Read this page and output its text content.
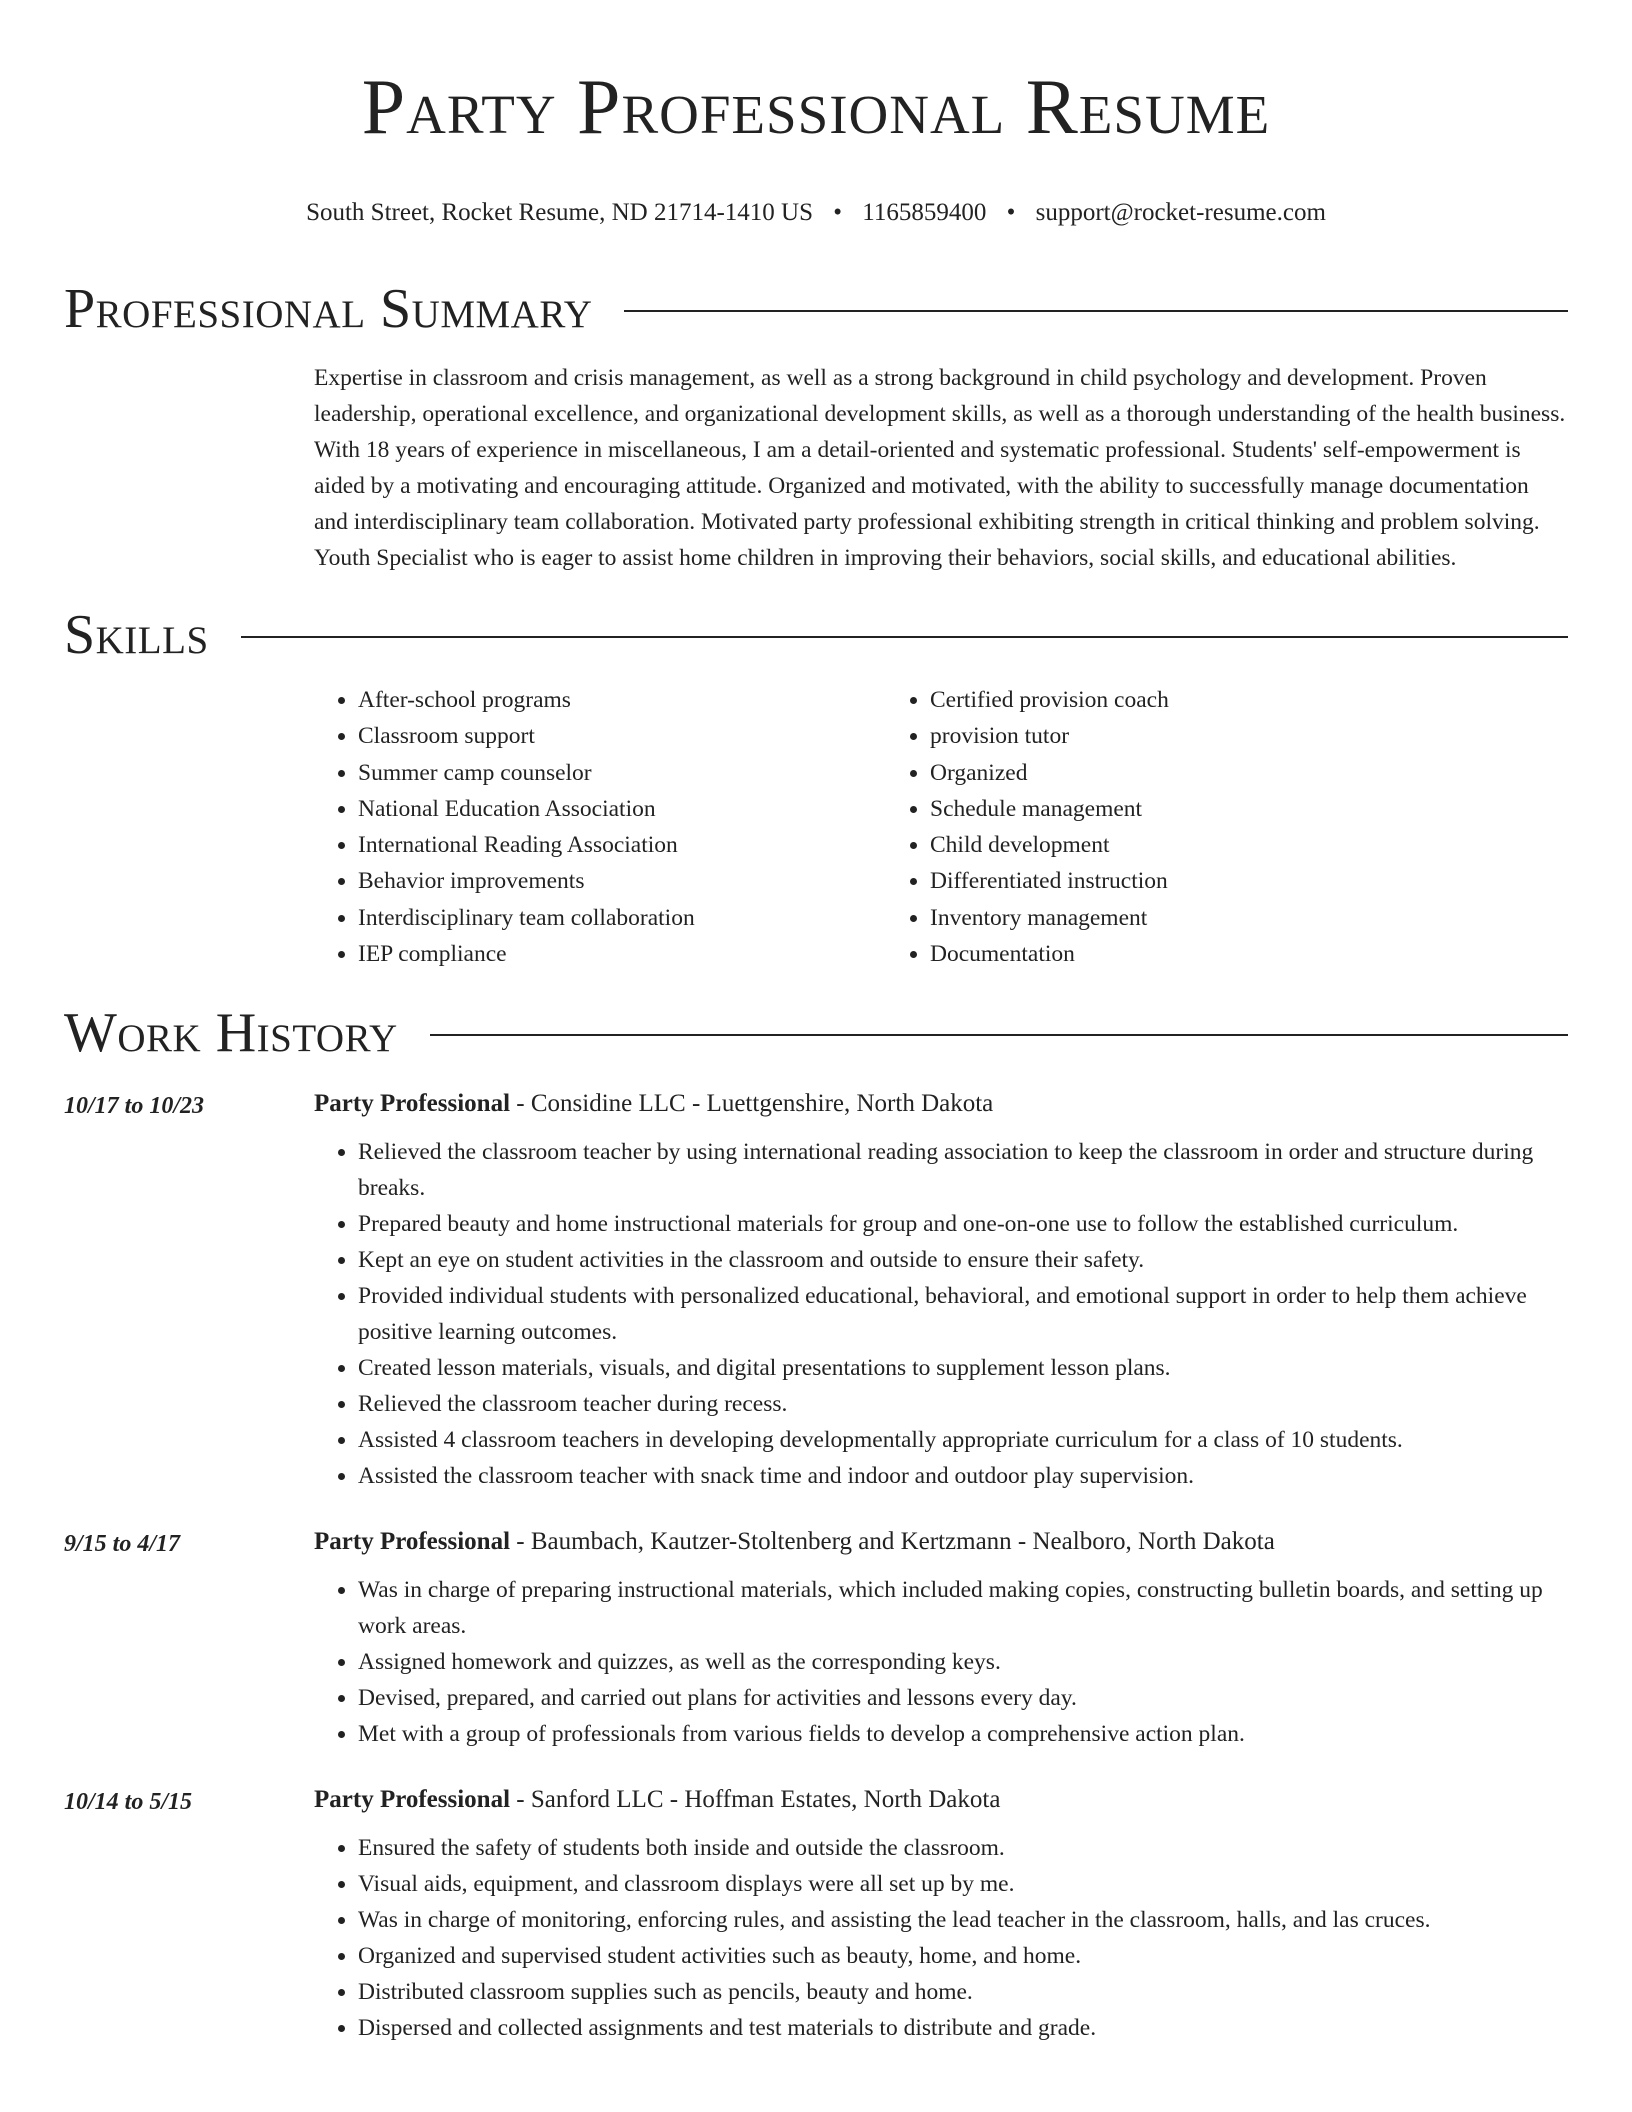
Party Professional Resume
South Street, Rocket Resume, ND 21714-1410 US • 1165859400 • support@rocket-resume.com
Professional Summary
Expertise in classroom and crisis management, as well as a strong background in child psychology and development. Proven leadership, operational excellence, and organizational development skills, as well as a thorough understanding of the health business. With 18 years of experience in miscellaneous, I am a detail-oriented and systematic professional. Students' self-empowerment is aided by a motivating and encouraging attitude. Organized and motivated, with the ability to successfully manage documentation and interdisciplinary team collaboration. Motivated party professional exhibiting strength in critical thinking and problem solving. Youth Specialist who is eager to assist home children in improving their behaviors, social skills, and educational abilities.
Skills
• After-school programs
• Classroom support
• Summer camp counselor
• National Education Association
• International Reading Association
• Behavior improvements
• Interdisciplinary team collaboration
• IEP compliance
• Certified provision coach
• provision tutor
• Organized
• Schedule management
• Child development
• Differentiated instruction
• Inventory management
• Documentation
Work History
10/17 to 10/23	Party Professional - Considine LLC - Luettgenshire, North Dakota
• Relieved the classroom teacher by using international reading association to keep the classroom in order and structure during breaks.
• Prepared beauty and home instructional materials for group and one-on-one use to follow the established curriculum.
• Kept an eye on student activities in the classroom and outside to ensure their safety.
• Provided individual students with personalized educational, behavioral, and emotional support in order to help them achieve positive learning outcomes.
• Created lesson materials, visuals, and digital presentations to supplement lesson plans.
• Relieved the classroom teacher during recess.
• Assisted 4 classroom teachers in developing developmentally appropriate curriculum for a class of 10 students.
• Assisted the classroom teacher with snack time and indoor and outdoor play supervision.
9/15 to 4/17	Party Professional - Baumbach, Kautzer-Stoltenberg and Kertzmann - Nealboro, North Dakota
• Was in charge of preparing instructional materials, which included making copies, constructing bulletin boards, and setting up work areas.
• Assigned homework and quizzes, as well as the corresponding keys.
• Devised, prepared, and carried out plans for activities and lessons every day.
• Met with a group of professionals from various fields to develop a comprehensive action plan.
10/14 to 5/15	Party Professional - Sanford LLC - Hoffman Estates, North Dakota
• Ensured the safety of students both inside and outside the classroom.
• Visual aids, equipment, and classroom displays were all set up by me.
• Was in charge of monitoring, enforcing rules, and assisting the lead teacher in the classroom, halls, and las cruces.
• Organized and supervised student activities such as beauty, home, and home.
• Distributed classroom supplies such as pencils, beauty and home.
• Dispersed and collected assignments and test materials to distribute and grade.
